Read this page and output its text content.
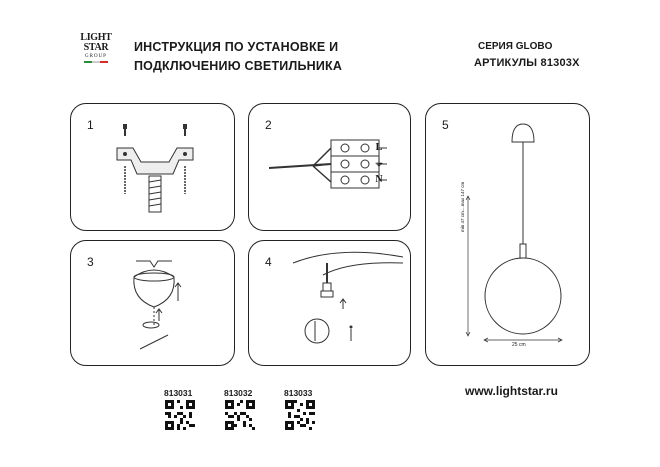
LIGHT
STAR
GROUP
ИНСТРУКЦИЯ ПО УСТАНОВКЕ И
ПОДКЛЮЧЕНИЮ СВЕТИЛЬНИКА
СЕРИЯ GLOBO
АРТИКУЛЫ 81303X
1	2
L
⏚
N
3	4
5
min 47 cm....max 147 cm
25 cm
813031	813032	813033	www.lightstar.ru
